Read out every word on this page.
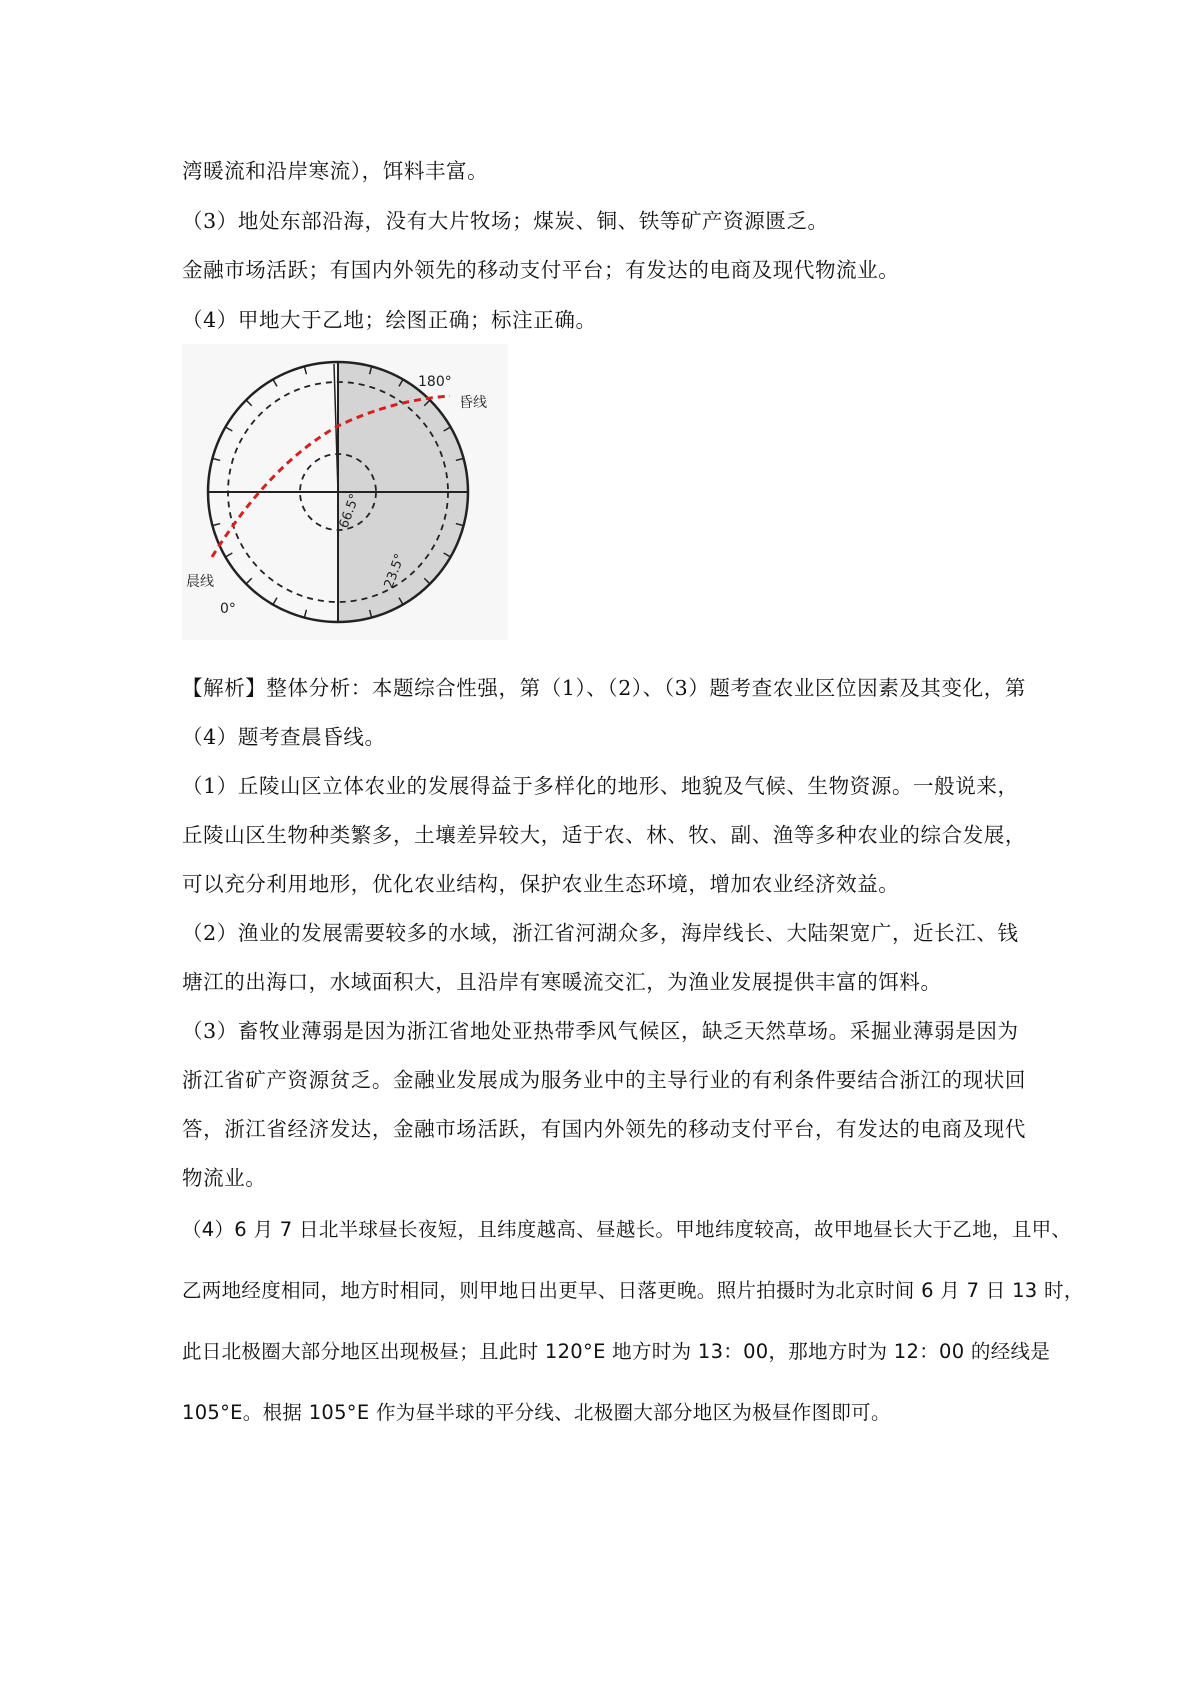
湾暖流和沿岸寒流），饵料丰富。
（3）地处东部沿海，没有大片牧场；煤炭、铜、铁等矿产资源匮乏。
金融市场活跃；有国内外领先的移动支付平台；有发达的电商及现代物流业。
（4）甲地大于乙地；绘图正确；标注正确。
180°
昏线
晨线
0°
66.5°
23.5°
【解析】整体分析：本题综合性强，第（1）、（2）、（3）题考查农业区位因素及其变化，第
（4）题考查晨昏线。
（1）丘陵山区立体农业的发展得益于多样化的地形、地貌及气候、生物资源。一般说来，
丘陵山区生物种类繁多，土壤差异较大，适于农、林、牧、副、渔等多种农业的综合发展，
可以充分利用地形，优化农业结构，保护农业生态环境，增加农业经济效益。
（2）渔业的发展需要较多的水域，浙江省河湖众多，海岸线长、大陆架宽广，近长江、钱
塘江的出海口，水域面积大，且沿岸有寒暖流交汇，为渔业发展提供丰富的饵料。
（3）畜牧业薄弱是因为浙江省地处亚热带季风气候区，缺乏天然草场。采掘业薄弱是因为
浙江省矿产资源贫乏。金融业发展成为服务业中的主导行业的有利条件要结合浙江的现状回
答，浙江省经济发达，金融市场活跃，有国内外领先的移动支付平台，有发达的电商及现代
物流业。
（4）6 月 7 日北半球昼长夜短，且纬度越高、昼越长。甲地纬度较高，故甲地昼长大于乙地，且甲、
乙两地经度相同，地方时相同，则甲地日出更早、日落更晚。照片拍摄时为北京时间 6 月 7 日 13 时，
此日北极圈大部分地区出现极昼；且此时 120°E 地方时为 13：00，那地方时为 12：00 的经线是
105°E。根据 105°E 作为昼半球的平分线、北极圈大部分地区为极昼作图即可。
